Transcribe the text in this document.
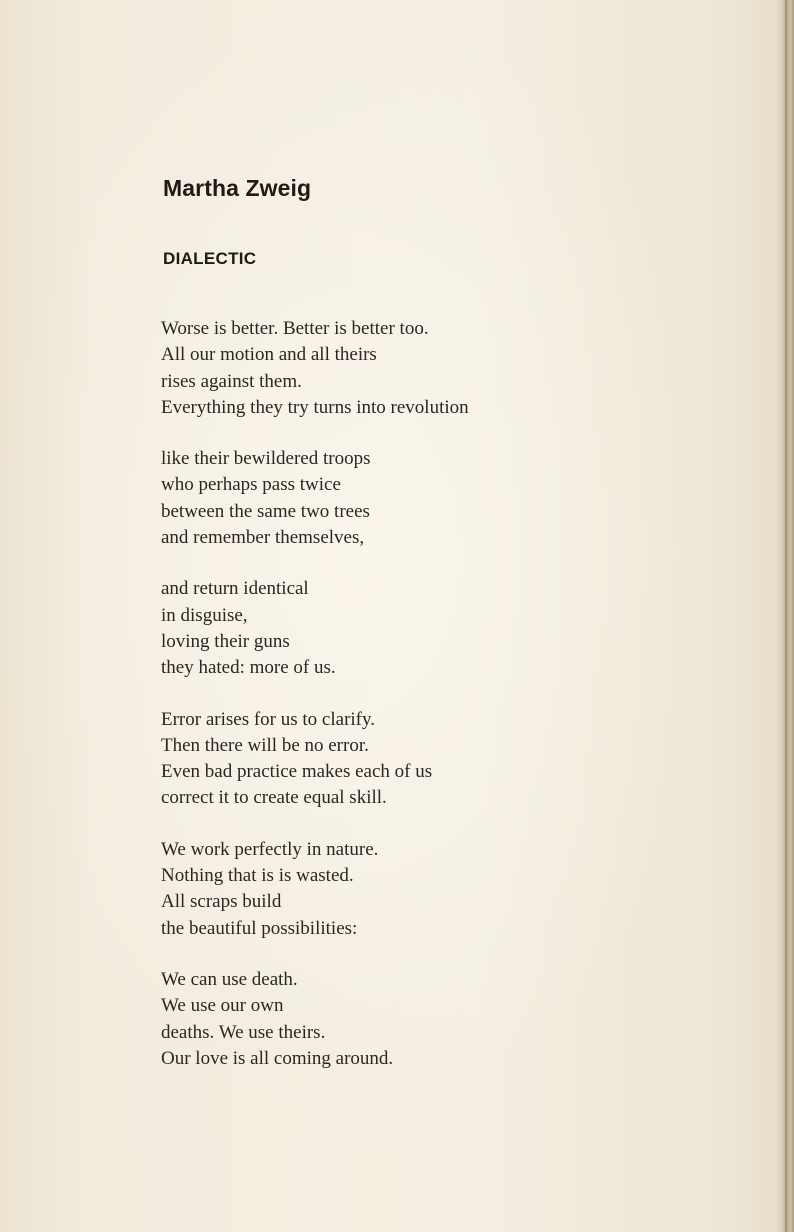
Martha Zweig
DIALECTIC
Worse is better. Better is better too.
All our motion and all theirs
rises against them.
Everything they try turns into revolution
like their bewildered troops
who perhaps pass twice
between the same two trees
and remember themselves,
and return identical
in disguise,
loving their guns
they hated: more of us.
Error arises for us to clarify.
Then there will be no error.
Even bad practice makes each of us
correct it to create equal skill.
We work perfectly in nature.
Nothing that is is wasted.
All scraps build
the beautiful possibilities:
We can use death.
We use our own
deaths. We use theirs.
Our love is all coming around.
